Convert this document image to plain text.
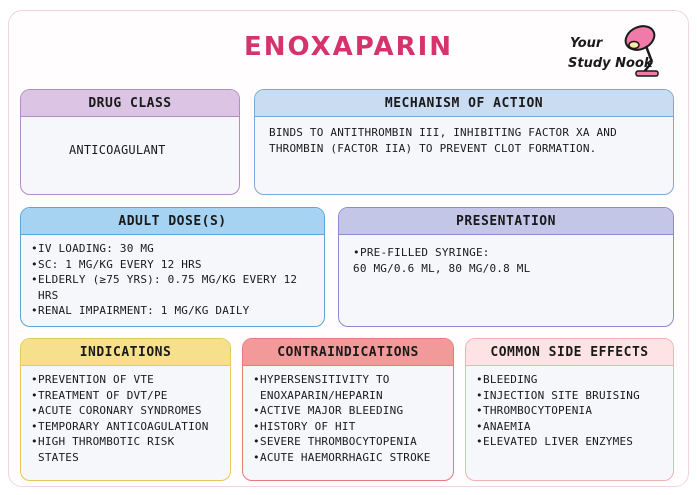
ENOXAPARIN	Your
Study Nook
DRUG CLASS
ANTICOAGULANT
MECHANISM OF ACTION
BINDS TO ANTITHROMBIN III, INHIBITING FACTOR XA AND THROMBIN (FACTOR IIA) TO PREVENT CLOT FORMATION.
ADULT DOSE(S)
• IV LOADING: 30 MG
• SC: 1 MG/KG EVERY 12 HRS
• ELDERLY (≥75 YRS): 0.75 MG/KG EVERY 12 HRS
• RENAL IMPAIRMENT: 1 MG/KG DAILY
PRESENTATION
• PRE-FILLED SYRINGE:
60 MG/0.6 ML, 80 MG/0.8 ML
INDICATIONS
• PREVENTION OF VTE
• TREATMENT OF DVT/PE
• ACUTE CORONARY SYNDROMES
• TEMPORARY ANTICOAGULATION
• HIGH THROMBOTIC RISK STATES
CONTRAINDICATIONS
• HYPERSENSITIVITY TO ENOXAPARIN/HEPARIN
• ACTIVE MAJOR BLEEDING
• HISTORY OF HIT
• SEVERE THROMBOCYTOPENIA
• ACUTE HAEMORRHAGIC STROKE
COMMON SIDE EFFECTS
• BLEEDING
• INJECTION SITE BRUISING
• THROMBOCYTOPENIA
• ANAEMIA
• ELEVATED LIVER ENZYMES
